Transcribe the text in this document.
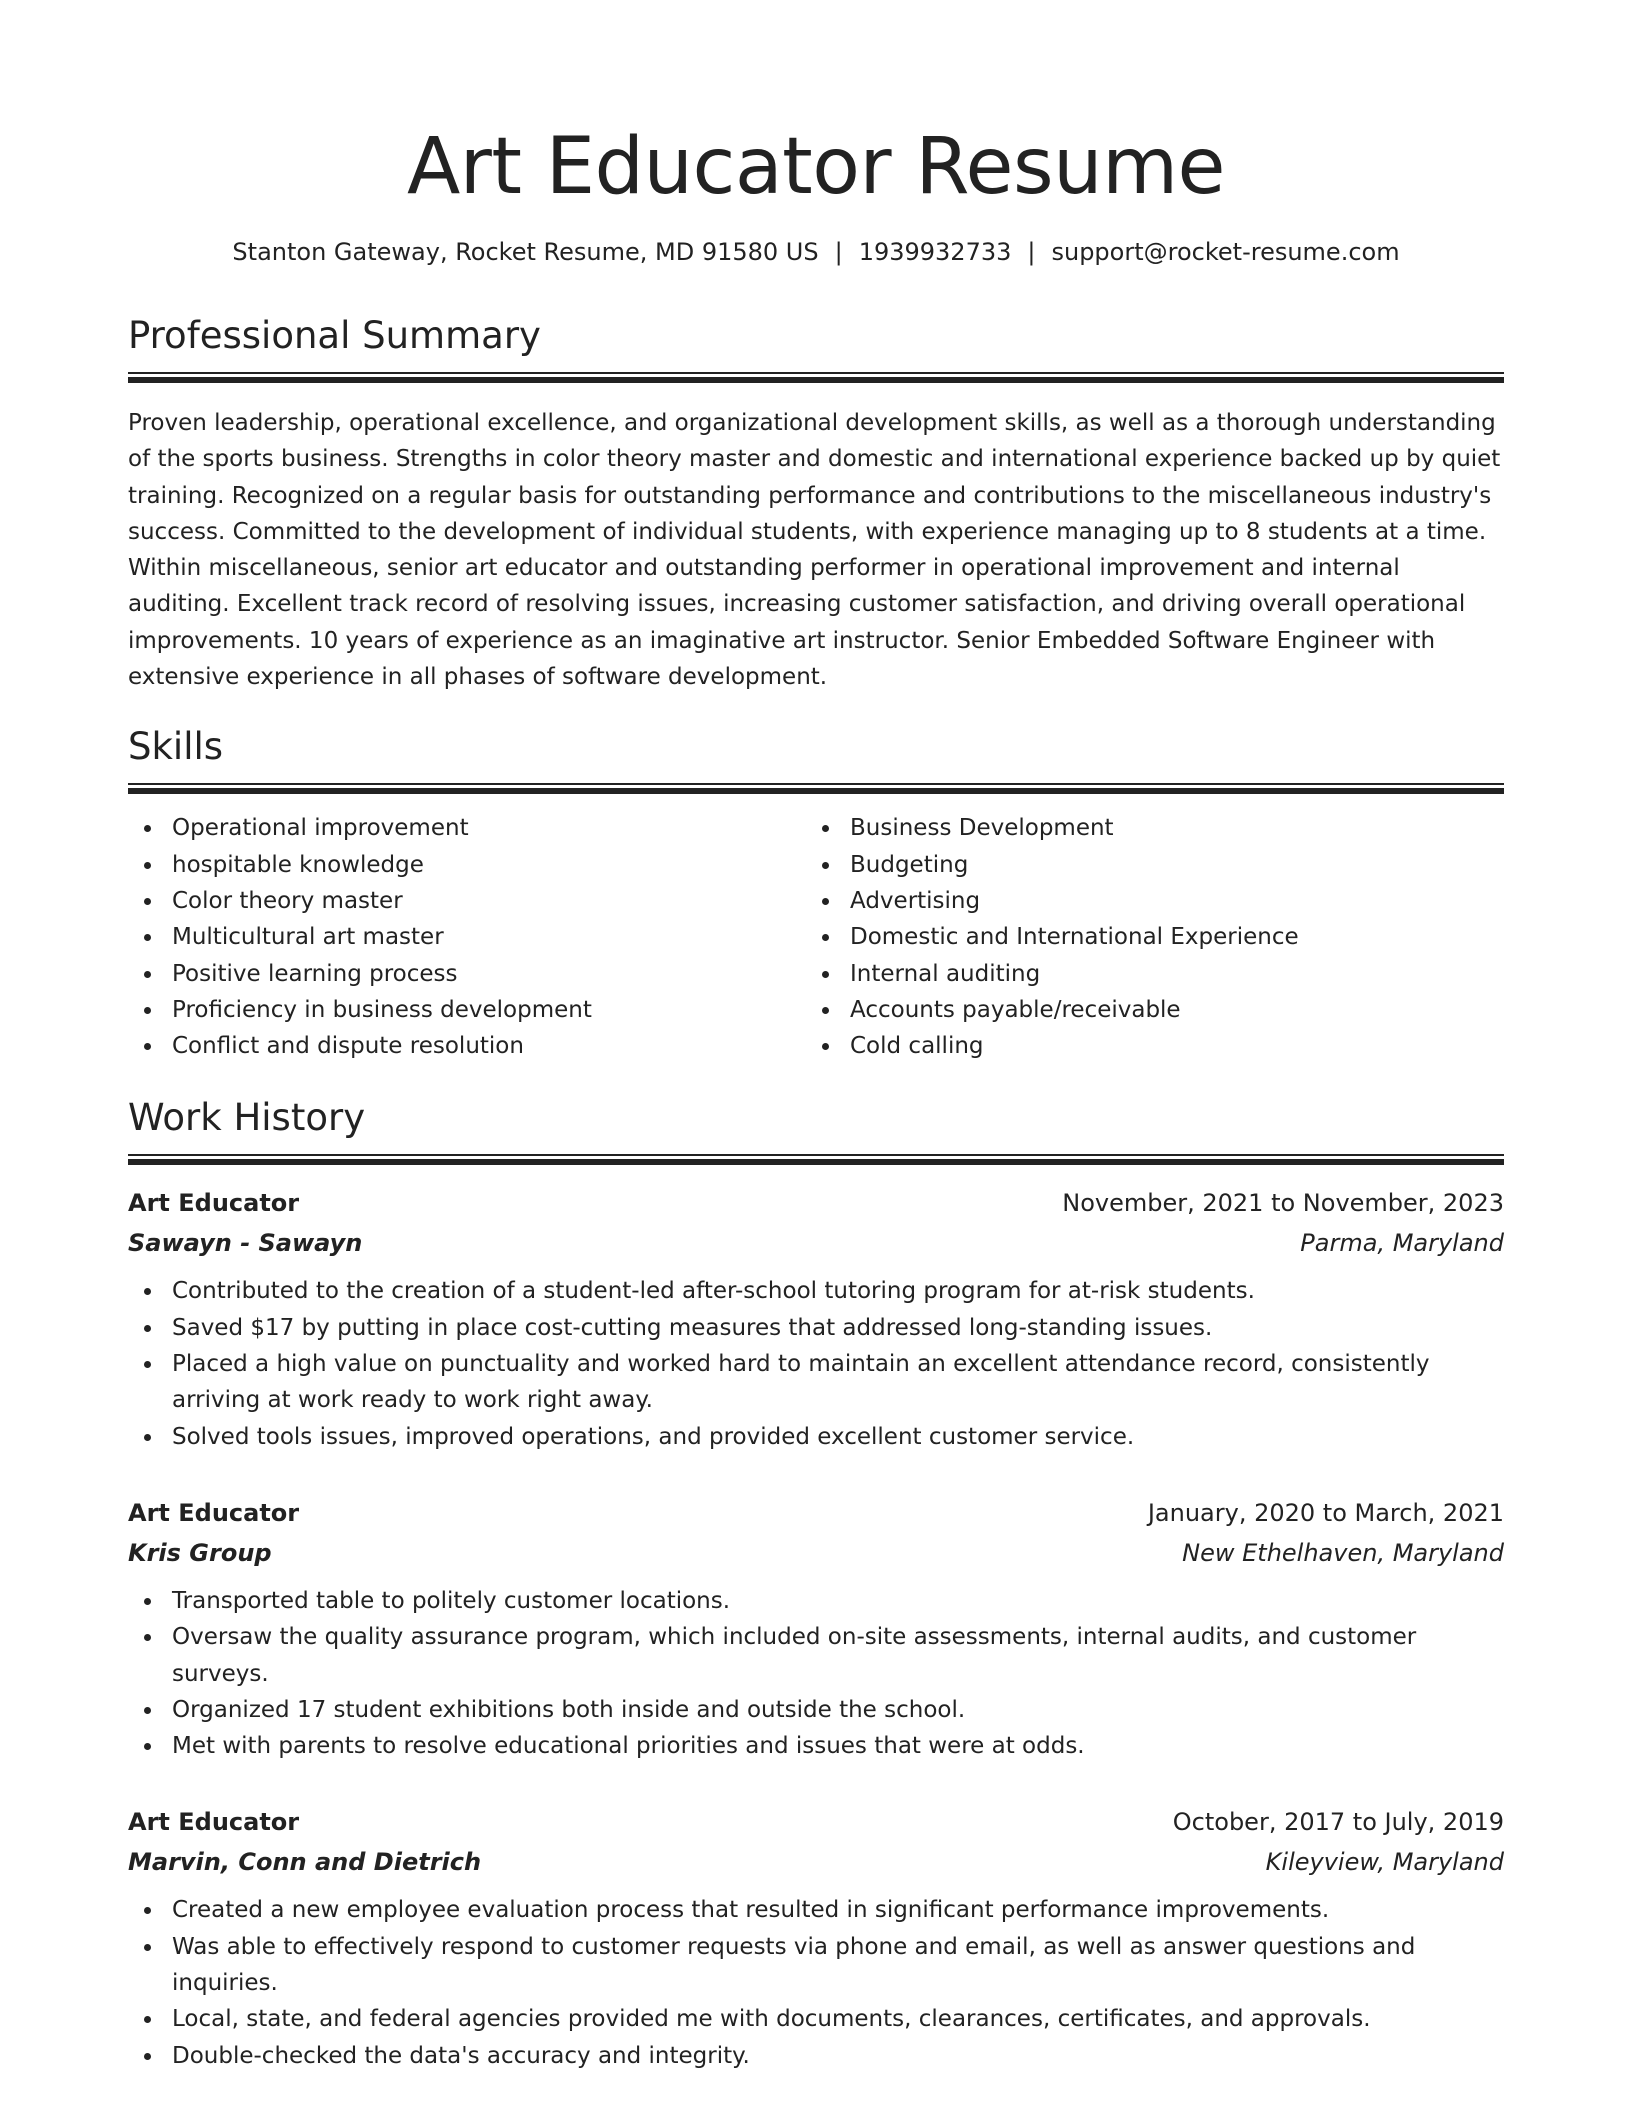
Art Educator Resume
Stanton Gateway, Rocket Resume, MD 91580 US | 1939932733 | support@rocket-resume.com
Professional Summary

Proven leadership, operational excellence, and organizational development skills, as well as a thorough understanding of the sports business. Strengths in color theory master and domestic and international experience backed up by quiet training. Recognized on a regular basis for outstanding performance and contributions to the miscellaneous industry's success. Committed to the development of individual students, with experience managing up to 8 students at a time. Within miscellaneous, senior art educator and outstanding performer in operational improvement and internal auditing. Excellent track record of resolving issues, increasing customer satisfaction, and driving overall operational improvements. 10 years of experience as an imaginative art instructor. Senior Embedded Software Engineer with extensive experience in all phases of software development.

Skills
Operational improvement
hospitable knowledge
Color theory master
Multicultural art master
Positive learning process
Proficiency in business development
Conflict and dispute resolution
Business Development
Budgeting
Advertising
Domestic and International Experience
Internal auditing
Accounts payable/receivable
Cold calling
Work History
Art Educator	November, 2021 to November, 2023
Sawayn - Sawayn	Parma, Maryland
Contributed to the creation of a student-led after-school tutoring program for at-risk students.
Saved $17 by putting in place cost-cutting measures that addressed long-standing issues.
Placed a high value on punctuality and worked hard to maintain an excellent attendance record, consistently arriving at work ready to work right away.
Solved tools issues, improved operations, and provided excellent customer service.
Art Educator	January, 2020 to March, 2021
Kris Group	New Ethelhaven, Maryland
Transported table to politely customer locations.
Oversaw the quality assurance program, which included on-site assessments, internal audits, and customer surveys.
Organized 17 student exhibitions both inside and outside the school.
Met with parents to resolve educational priorities and issues that were at odds.
Art Educator	October, 2017 to July, 2019
Marvin, Conn and Dietrich	Kileyview, Maryland
Created a new employee evaluation process that resulted in significant performance improvements.
Was able to effectively respond to customer requests via phone and email, as well as answer questions and inquiries.
Local, state, and federal agencies provided me with documents, clearances, certificates, and approvals.
Double-checked the data's accuracy and integrity.
